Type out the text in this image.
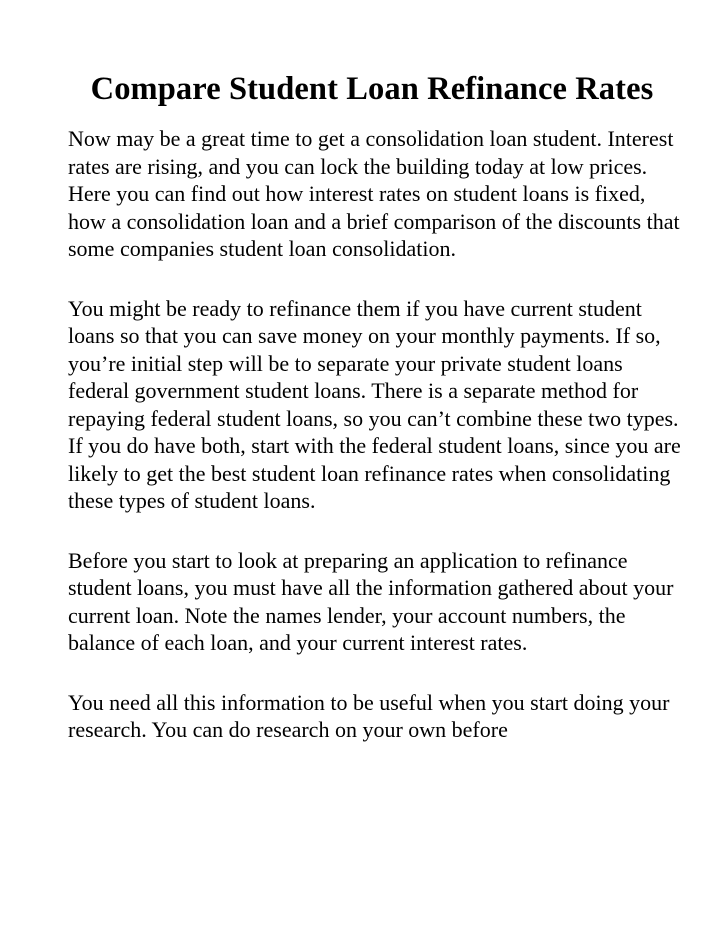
Compare Student Loan Refinance Rates

Now may be a great time to get a consolidation loan student. Interest rates are rising, and you can lock the building today at low prices. Here you can find out how interest rates on student loans is fixed, how a consolidation loan and a brief comparison of the discounts that some companies student loan consolidation.

You might be ready to refinance them if you have current student loans so that you can save money on your monthly payments. If so, you’re initial step will be to separate your private student loans federal government student loans. There is a separate method for repaying federal student loans, so you can’t combine these two types. If you do have both, start with the federal student loans, since you are likely to get the best student loan refinance rates when consolidating these types of student loans.

Before you start to look at preparing an application to refinance student loans, you must have all the information gathered about your current loan. Note the names lender, your account numbers, the balance of each loan, and your current interest rates.

You need all this information to be useful when you start doing your research. You can do research on your own before
